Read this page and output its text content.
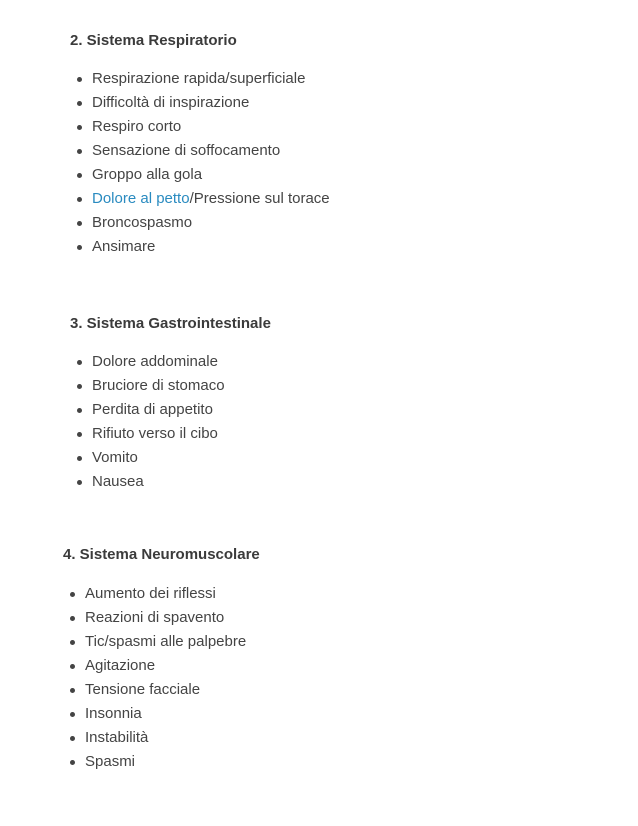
2. Sistema Respiratorio
Respirazione rapida/superficiale
Difficoltà di inspirazione
Respiro corto
Sensazione di soffocamento
Groppo alla gola
Dolore al petto/Pressione sul torace
Broncospasmo
Ansimare
3. Sistema Gastrointestinale
Dolore addominale
Bruciore di stomaco
Perdita di appetito
Rifiuto verso il cibo
Vomito
Nausea
4. Sistema Neuromuscolare
Aumento dei riflessi
Reazioni di spavento
Tic/spasmi alle palpebre
Agitazione
Tensione facciale
Insonnia
Instabilità
Spasmi
